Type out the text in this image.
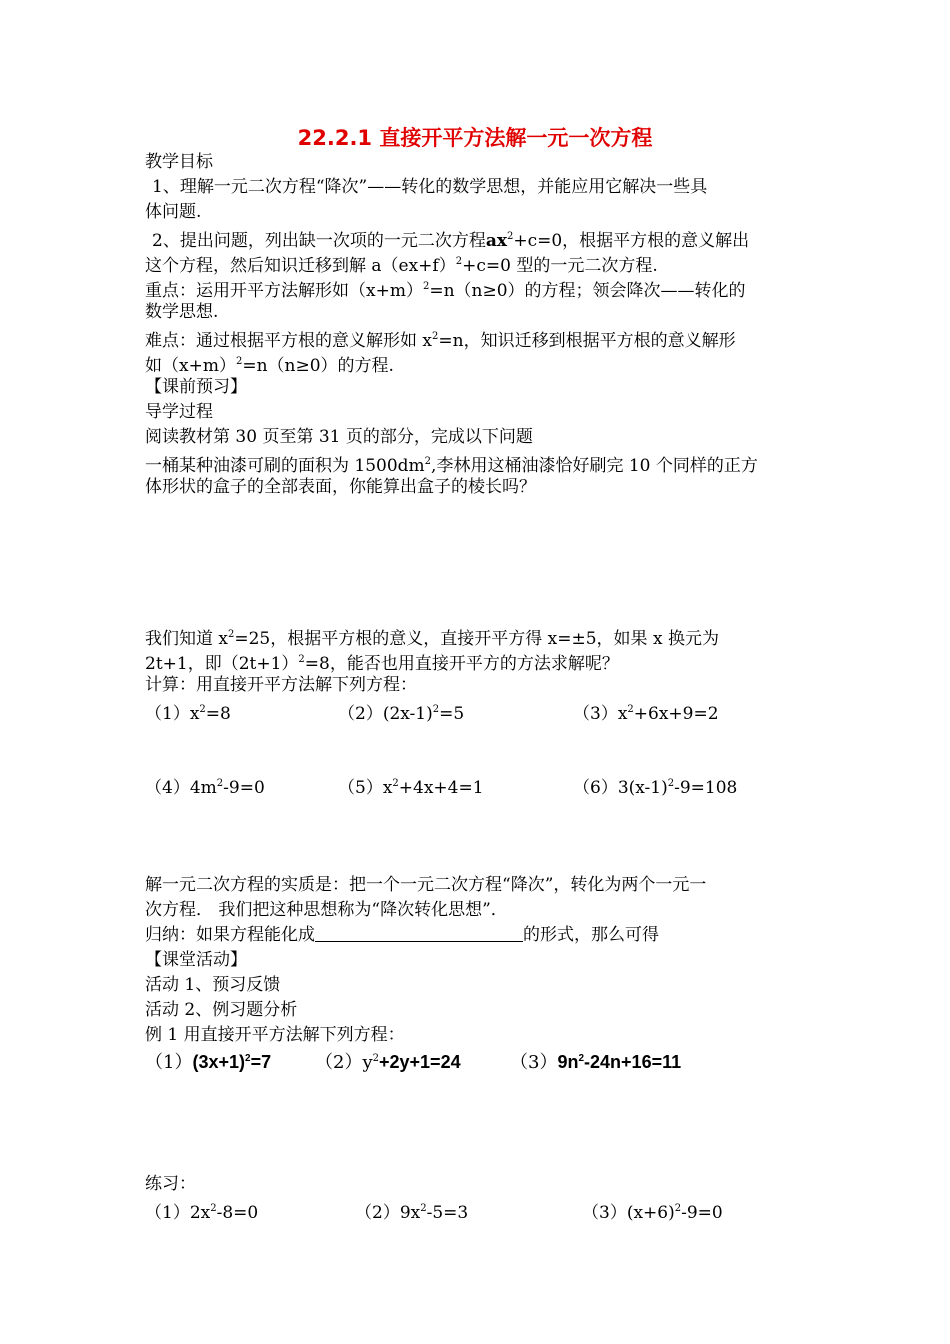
22.2.1 直接开平方法解一元一次方程
教学目标
1、理解一元二次方程“降次”——转化的数学思想，并能应用它解决一些具
体问题.
2、提出问题，列出缺一次项的一元二次方程$ax^2+c=0$，根据平方根的意义解出
这个方程，然后知识迁移到解 $a(ex+f)^2+c=0$ 型的一元二次方程.
重点：运用开平方法解形如$(x+m)^2=n(n\ge 0)$的方程；领会降次——转化的
数学思想.
难点：通过根据平方根的意义解形如 $x^2=n$，知识迁移到根据平方根的意义解形
如$(x+m)^2=n(n\ge 0)$的方程.
【课前预习】
导学过程
阅读教材第 30 页至第 31 页的部分，完成以下问题
一桶某种油漆可刷的面积为 $1500dm^2$,李林用这桶油漆恰好刷完 10 个同样的正方
体形状的盒子的全部表面，你能算出盒子的棱长吗？
我们知道 $x^2=25$，根据平方根的意义，直接开平方得 x=±5，如果 x 换元为
2t+1，即$(2t+1)^2=8$，能否也用直接开平方的方法求解呢？
计算：用直接开平方法解下列方程：
$(1)x^2=8$	$(2)(2x-1)^2=5$	$(3)x^2+6x+9=2$
$(4)4m^2-9=0$	$(5)x^2+4x+4=1$	$(6)3(x-1)^2-9=108$
解一元二次方程的实质是：把一个一元二次方程“降次”，转化为两个一元一
次方程． 我们把这种思想称为“降次转化思想”．
归纳：如果方程能化成	的形式，那么可得
【课堂活动】
活动 1、预习反馈
活动 2、例习题分析
例 1 用直接开平方法解下列方程：
$(1)(3x+1)^2=7$ $(2)y^2+2y+1=24$	$(3)9n^2-24n+16=11$
练习：
$(1)2x^2-8=0$	$(2)9x^2-5=3$	$(3)(x+6)^2-9=0$
